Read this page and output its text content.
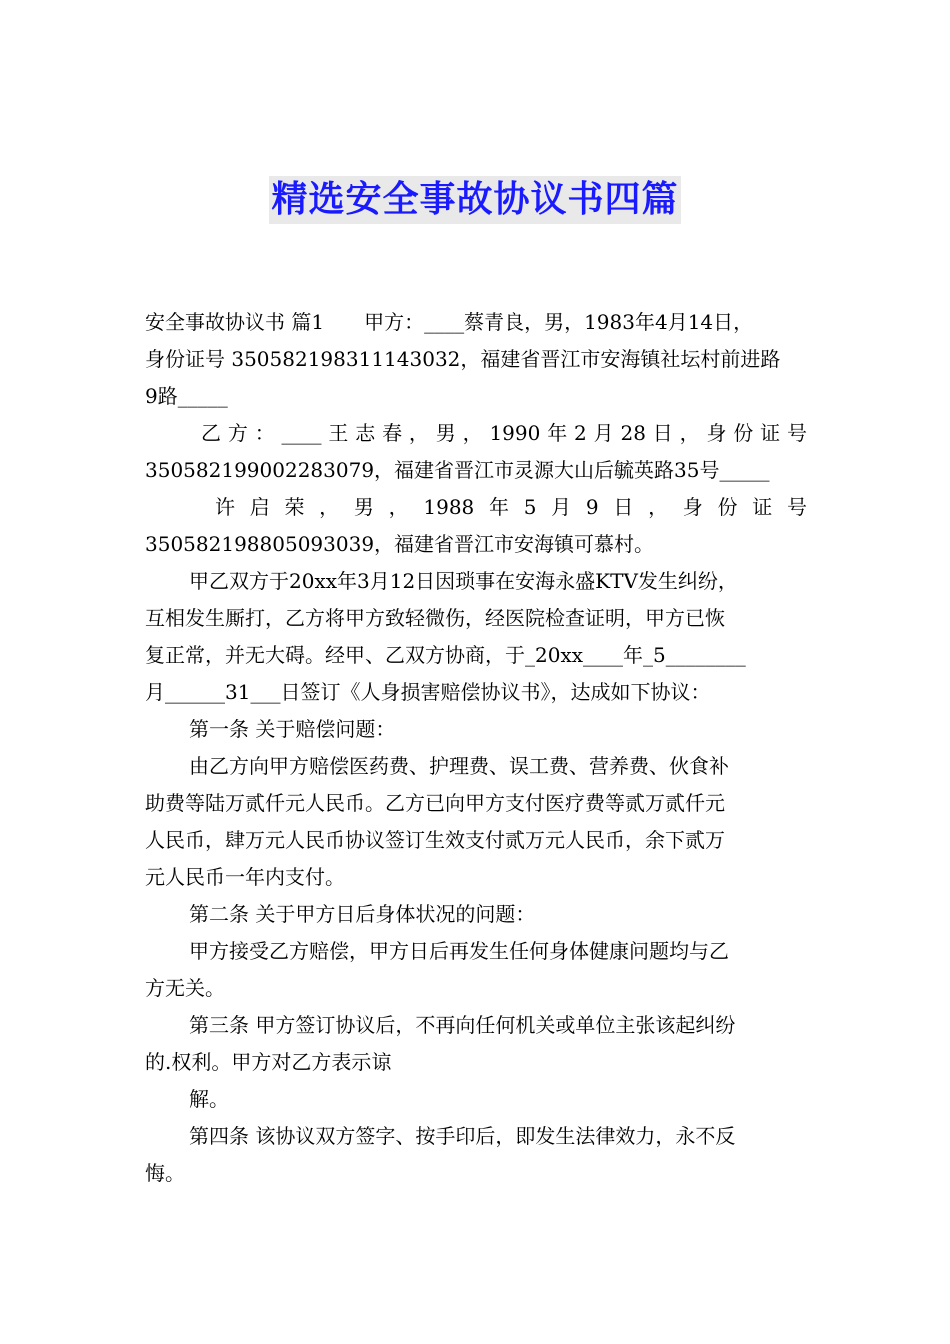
精选安全事故协议书四篇
安全事故协议书 篇1　　甲方：____蔡青良，男，1983年4月14日，
身份证号 350582198311143032，福建省晋江市安海镇社坛村前进路
9路_____
乙方：____王志春，男，1990年2月28日，身份证号
350582199002283079，福建省晋江市灵源大山后毓英路35号_____
许启荣，男，1988年5月9日，身份证号
350582198805093039，福建省晋江市安海镇可慕村。
甲乙双方于20xx年3月12日因琐事在安海永盛KTV发生纠纷，
互相发生厮打，乙方将甲方致轻微伤，经医院检查证明，甲方已恢
复正常，并无大碍。经甲、乙双方协商，于_20xx____年_5________
月______31___日签订《人身损害赔偿协议书》，达成如下协议：
第一条 关于赔偿问题：
由乙方向甲方赔偿医药费、护理费、误工费、营养费、伙食补
助费等陆万贰仟元人民币。乙方已向甲方支付医疗费等贰万贰仟元
人民币，肆万元人民币协议签订生效支付贰万元人民币，余下贰万
元人民币一年内支付。
第二条 关于甲方日后身体状况的问题：
甲方接受乙方赔偿，甲方日后再发生任何身体健康问题均与乙
方无关。
第三条 甲方签订协议后，不再向任何机关或单位主张该起纠纷
的.权利。甲方对乙方表示谅
解。
第四条 该协议双方签字、按手印后，即发生法律效力，永不反
悔。
